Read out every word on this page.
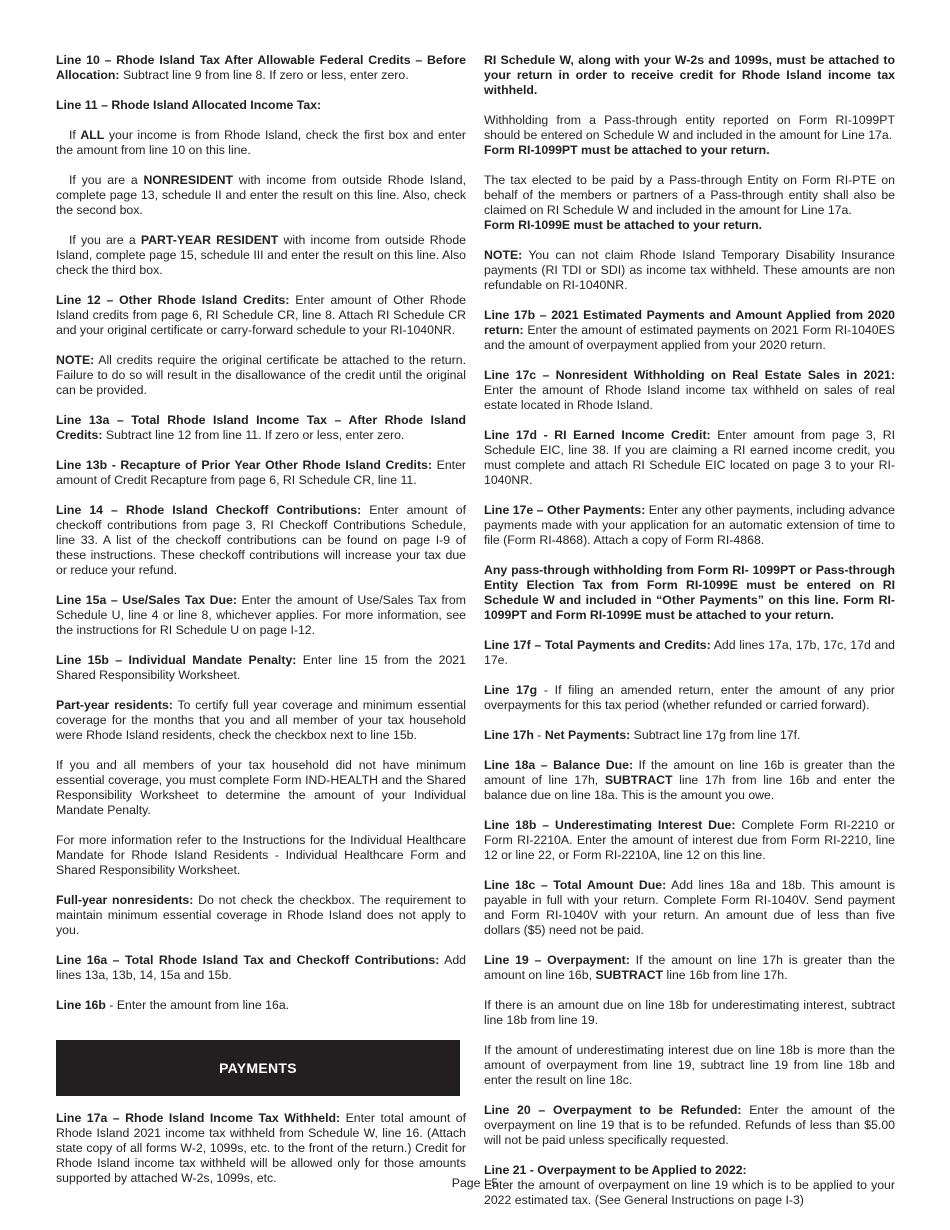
Line 10 – Rhode Island Tax After Allowable Federal Credits – Before Allocation: Subtract line 9 from line 8. If zero or less, enter zero.

Line 11 – Rhode Island Allocated Income Tax:

If ALL your income is from Rhode Island, check the first box and enter the amount from line 10 on this line.

If you are a NONRESIDENT with income from outside Rhode Island, complete page 13, schedule II and enter the result on this line. Also, check the second box.

If you are a PART-YEAR RESIDENT with income from outside Rhode Island, complete page 15, schedule III and enter the result on this line. Also check the third box.

Line 12 – Other Rhode Island Credits: Enter amount of Other Rhode Island credits from page 6, RI Schedule CR, line 8. Attach RI Schedule CR and your original certificate or carry-forward schedule to your RI-1040NR.

NOTE: All credits require the original certificate be attached to the return. Failure to do so will result in the disallowance of the credit until the original can be provided.

Line 13a – Total Rhode Island Income Tax – After Rhode Island Credits: Subtract line 12 from line 11. If zero or less, enter zero.

Line 13b - Recapture of Prior Year Other Rhode Island Credits: Enter amount of Credit Recapture from page 6, RI Schedule CR, line 11.

Line 14 – Rhode Island Checkoff Contributions: Enter amount of checkoff contributions from page 3, RI Checkoff Contributions Schedule, line 33. A list of the checkoff contributions can be found on page I-9 of these instructions. These checkoff contributions will increase your tax due or reduce your refund.

Line 15a – Use/Sales Tax Due: Enter the amount of Use/Sales Tax from Schedule U, line 4 or line 8, whichever applies. For more information, see the instructions for RI Schedule U on page I-12.

Line 15b – Individual Mandate Penalty: Enter line 15 from the 2021 Shared Responsibility Worksheet.

Part-year residents: To certify full year coverage and minimum essential coverage for the months that you and all member of your tax household were Rhode Island residents, check the checkbox next to line 15b.

If you and all members of your tax household did not have minimum essential coverage, you must complete Form IND-HEALTH and the Shared Responsibility Worksheet to determine the amount of your Individual Mandate Penalty.

For more information refer to the Instructions for the Individual Healthcare Mandate for Rhode Island Residents - Individual Healthcare Form and Shared Responsibility Worksheet.

Full-year nonresidents: Do not check the checkbox. The requirement to maintain minimum essential coverage in Rhode Island does not apply to you.

Line 16a – Total Rhode Island Tax and Checkoff Contributions: Add lines 13a, 13b, 14, 15a and 15b.

Line 16b - Enter the amount from line 16a.

PAYMENTS

Line 17a – Rhode Island Income Tax Withheld: Enter total amount of Rhode Island 2021 income tax withheld from Schedule W, line 16. (Attach state copy of all forms W-2, 1099s, etc. to the front of the return.) Credit for Rhode Island income tax withheld will be allowed only for those amounts supported by attached W-2s, 1099s, etc.

RI Schedule W, along with your W-2s and 1099s, must be attached to your return in order to receive credit for Rhode Island income tax withheld.

Withholding from a Pass-through entity reported on Form RI-1099PT should be entered on Schedule W and included in the amount for Line 17a.
Form RI-1099PT must be attached to your return.

The tax elected to be paid by a Pass-through Entity on Form RI-PTE on behalf of the members or partners of a Pass-through entity shall also be claimed on RI Schedule W and included in the amount for Line 17a.
Form RI-1099E must be attached to your return.

NOTE: You can not claim Rhode Island Temporary Disability Insurance payments (RI TDI or SDI) as income tax withheld. These amounts are non refundable on RI-1040NR.

Line 17b – 2021 Estimated Payments and Amount Applied from 2020 return: Enter the amount of estimated payments on 2021 Form RI-1040ES and the amount of overpayment applied from your 2020 return.

Line 17c – Nonresident Withholding on Real Estate Sales in 2021: Enter the amount of Rhode Island income tax withheld on sales of real estate located in Rhode Island.

Line 17d - RI Earned Income Credit: Enter amount from page 3, RI Schedule EIC, line 38. If you are claiming a RI earned income credit, you must complete and attach RI Schedule EIC located on page 3 to your RI-1040NR.

Line 17e – Other Payments: Enter any other payments, including advance payments made with your application for an automatic extension of time to file (Form RI-4868). Attach a copy of Form RI-4868.

Any pass-through withholding from Form RI- 1099PT or Pass-through Entity Election Tax from Form RI-1099E must be entered on RI Schedule W and included in “Other Payments” on this line. Form RI-1099PT and Form RI-1099E must be attached to your return.

Line 17f – Total Payments and Credits: Add lines 17a, 17b, 17c, 17d and 17e.

Line 17g - If filing an amended return, enter the amount of any prior overpayments for this tax period (whether refunded or carried forward).

Line 17h - Net Payments: Subtract line 17g from line 17f.

Line 18a – Balance Due: If the amount on line 16b is greater than the amount of line 17h, SUBTRACT line 17h from line 16b and enter the balance due on line 18a. This is the amount you owe.

Line 18b – Underestimating Interest Due: Complete Form RI-2210 or Form RI-2210A. Enter the amount of interest due from Form RI-2210, line 12 or line 22, or Form RI-2210A, line 12 on this line.

Line 18c – Total Amount Due: Add lines 18a and 18b. This amount is payable in full with your return. Complete Form RI-1040V. Send payment and Form RI-1040V with your return. An amount due of less than five dollars ($5) need not be paid.

Line 19 – Overpayment: If the amount on line 17h is greater than the amount on line 16b, SUBTRACT line 16b from line 17h.

If there is an amount due on line 18b for underestimating interest, subtract line 18b from line 19.

If the amount of underestimating interest due on line 18b is more than the amount of overpayment from line 19, subtract line 19 from line 18b and enter the result on line 18c.

Line 20 – Overpayment to be Refunded: Enter the amount of the overpayment on line 19 that is to be refunded. Refunds of less than $5.00 will not be paid unless specifically requested.

Line 21 - Overpayment to be Applied to 2022:
Enter the amount of overpayment on line 19 which is to be applied to your 2022 estimated tax. (See General Instructions on page I-3)

Page I-5
